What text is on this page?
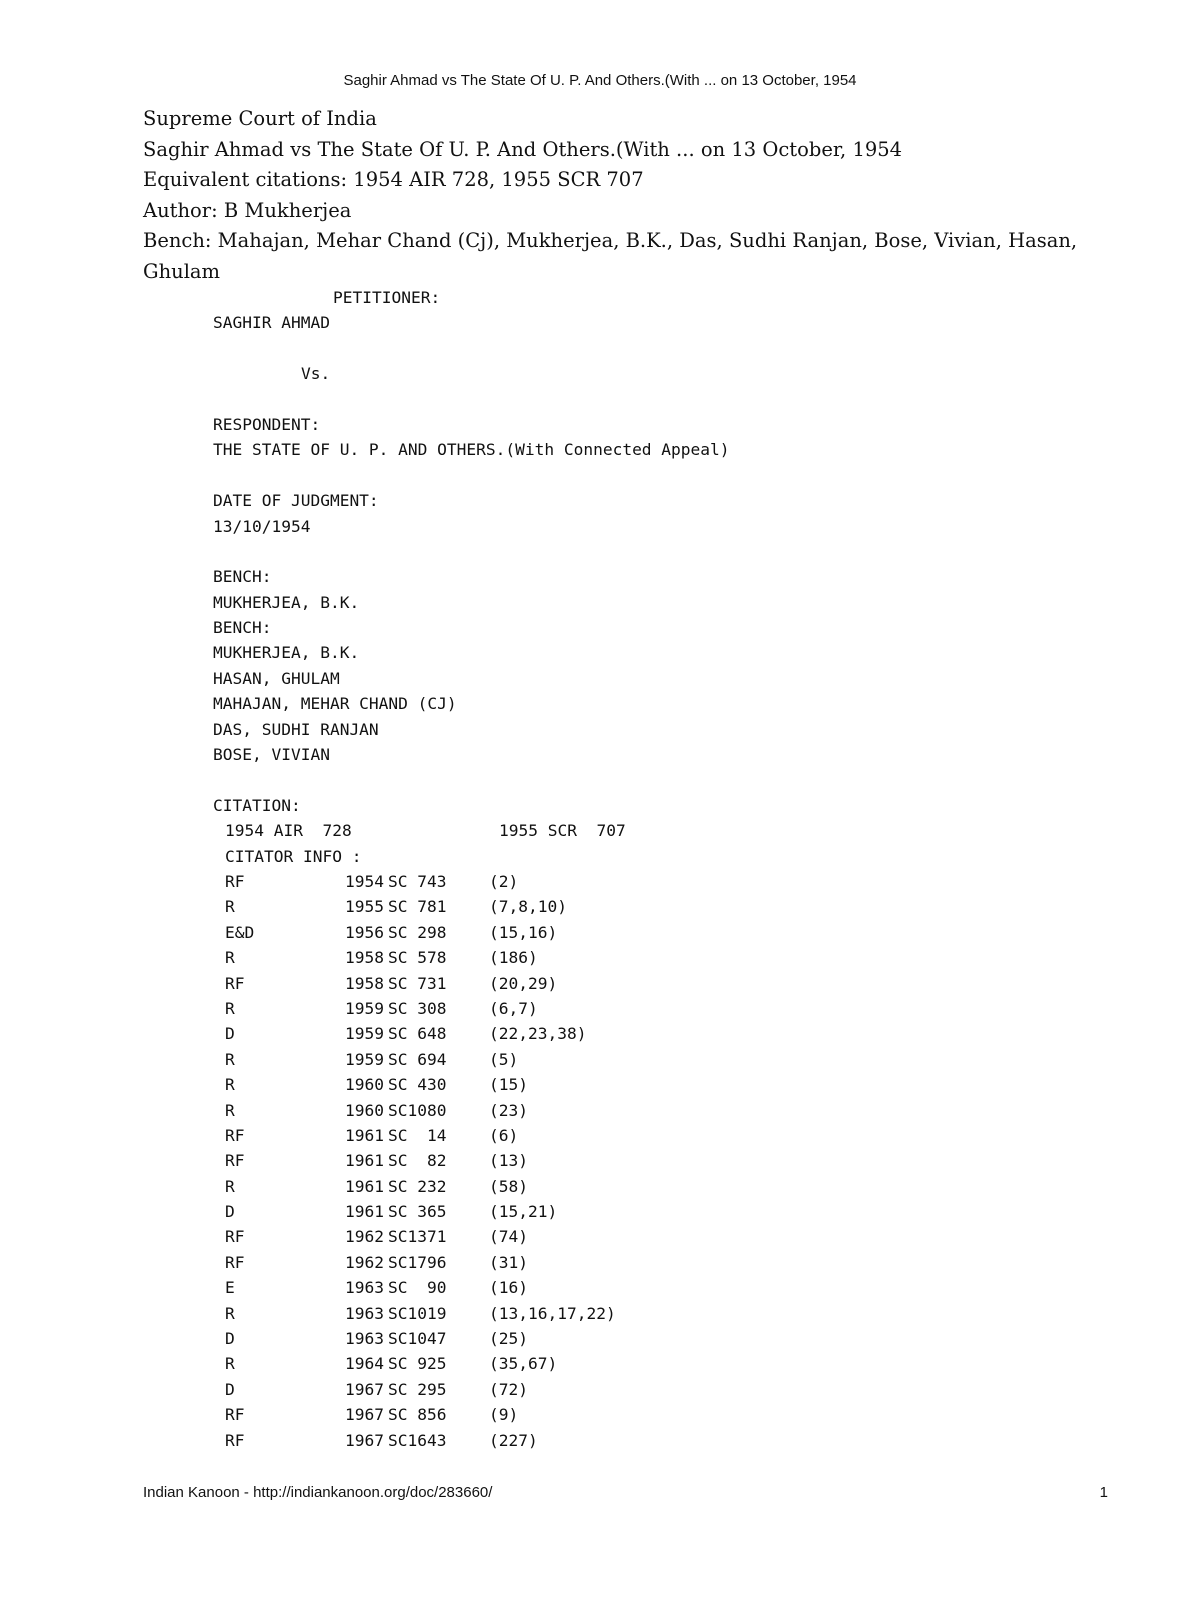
Saghir Ahmad vs The State Of U. P. And Others.(With ... on 13 October, 1954
Supreme Court of India
Saghir Ahmad vs The State Of U. P. And Others.(With ... on 13 October, 1954
Equivalent citations: 1954 AIR 728, 1955 SCR 707
Author: B Mukherjea
Bench: Mahajan, Mehar Chand (Cj), Mukherjea, B.K., Das, Sudhi Ranjan, Bose, Vivian, Hasan,
Ghulam
PETITIONER:
SAGHIR AHMAD
Vs.
RESPONDENT:
THE STATE OF U. P. AND OTHERS.(With Connected Appeal)
DATE OF JUDGMENT:
13/10/1954
BENCH:
MUKHERJEA, B.K.
BENCH:
MUKHERJEA, B.K.
HASAN, GHULAM
MAHAJAN, MEHAR CHAND (CJ)
DAS, SUDHI RANJAN
BOSE, VIVIAN
CITATION:

1954 AIR  728

	1955 SCR  707

CITATOR INFO :
RF	1954 SC 743	(2)
R	1955 SC 781	(7,8,10)
E&D	1956 SC 298	(15,16)
R	1958 SC 578	(186)
RF	1958 SC 731	(20,29)
R	1959 SC 308	(6,7)
D	1959 SC 648	(22,23,38)
R	1959 SC 694	(5)
R	1960 SC 430	(15)
R	1960 SC1080	(23)
RF	1961 SC  14	(6)
RF	1961 SC  82	(13)
R	1961 SC 232	(58)
D	1961 SC 365	(15,21)
RF	1962 SC1371	(74)
RF	1962 SC1796	(31)
E	1963 SC  90	(16)
R	1963 SC1019	(13,16,17,22)
D	1963 SC1047	(25)
R	1964 SC 925	(35,67)
D	1967 SC 295	(72)
RF	1967 SC 856	(9)
RF	1967 SC1643	(227)
Indian Kanoon - http://indiankanoon.org/doc/283660/	1
